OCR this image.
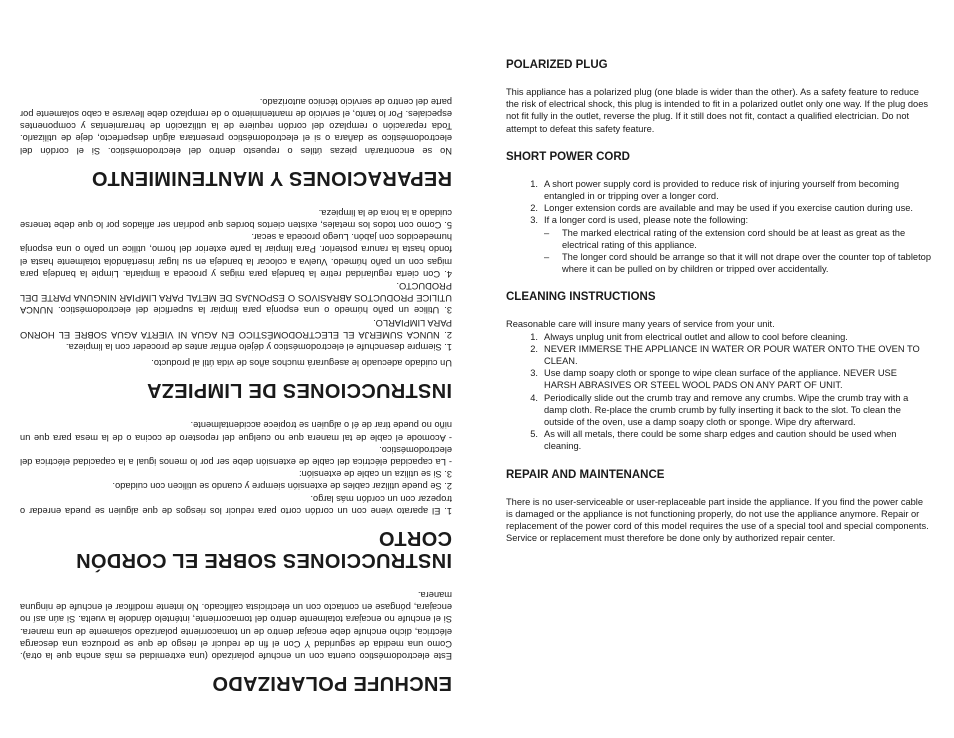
ENCHUFE POLARIZADO

Este electrodoméstico cuenta con un enchufe polarizado (una extremidad es más ancha que la otra). Como una medida de seguridad Y Con el fin de reducir el riesgo de que se produzca una descarga eléctrica, dicho enchufe debe encajar dentro de un tomacorriente polarizado solamente de una manera. Si el enchufe no encajara totalmente dentro del tomacorriente, inténtelo dándole la vuelta. Si aún así no encajara, póngase en contacto con un electricista calificado. No intente modificar el enchufe de ninguna manera.

INSTRUCCIONES SOBRE EL CORDÓN CORTO
1. El aparato viene con un cordón corto para reducir los riesgos de que alguien se pueda enredar o tropezar con un cordón más largo.
2. Se puede utilizar cables de extensión siempre y cuando se utilicen con cuidado.
3. Si se utiliza un cable de extensión:
- La capacidad eléctrica del cable de extensión debe ser por lo menos igual a la capacidad eléctrica del electrodoméstico.
- Acomode el cable de tal manera que no cuelgue del repostero de cocina o de la mesa para que un niño no puede tirar de él o alguien se tropiece accidentalmente.
INSTRUCCIONES DE LIMPIEZA

Un cuidado adecuado le asegurará muchos años de vida útil al producto.

1. Siempre desenchufe el electrodoméstico y déjelo enfriar antes de proceder con la limpieza.
2. NUNCA SUMERJA EL ELECTRODOMÉSTICO EN AGUA NI VIERTA AGUA SOBRE EL HORNO PARA LIMPIARLO.
3. Utilice un paño húmedo o una esponja para limpiar la superficie del electrodoméstico. NUNCA UTILICE PRODUCTOS ABRASIVOS O ESPONJAS DE METAL PARA LIMPIAR NINGUNA PARTE DEL PRODUCTO.
4. Con cierta regularidad retire la bandeja para migas y proceda a limpiarla. Limpie la bandeja para migas con un paño húmedo. Vuelva a colocar la bandeja en su lugar insertándola totalmente hasta el fondo hasta la ranura posterior. Para limpiar la parte exterior del horno, utilice un paño o una esponja humedecidos con jabón. Luego proceda a secar.
5. Como con todos los metales, existen ciertos bordes que podrían ser afilados por lo que debe tenerse cuidado a la hora de la limpieza.
REPARACIONES Y MANTENIMIENTO

No se encontrarán piezas útiles o repuesto dentro del electrodoméstico. Si el cordón del electrodoméstico se dañara o si el electrodoméstico presentara algún desperfecto, deje de utilizarlo. Toda reparación o remplazo del cordón requiere de la utilización de herramientas y componentes especiales. Por lo tanto, el servicio de mantenimiento o de remplazo debe llevarse a cabo solamente por parte del centro de servicio técnico autorizado.

POLARIZED PLUG

This appliance has a polarized plug (one blade is wider than the other). As a safety feature to reduce the risk of electrical shock, this plug is intended to fit in a polarized outlet only one way. If the plug does not fit fully in the outlet, reverse the plug. If it still does not fit, contact a qualified electrician. Do not attempt to defeat this safety feature.

SHORT POWER CORD
1. A short power supply cord is provided to reduce risk of injuring yourself from becoming entangled in or tripping over a longer cord.
2. Longer extension cords are available and may be used if you exercise caution during use.
3. If a longer cord is used, please note the following:
–	The marked electrical rating of the extension cord should be at least as great as the electrical rating of this appliance.
–	The longer cord should be arrange so that it will not drape over the counter top of tabletop where it can be pulled on by children or tripped over accidentally.
CLEANING INSTRUCTIONS

Reasonable care will insure many years of service from your unit.

1. Always unplug unit from electrical outlet and allow to cool before cleaning.
2. NEVER IMMERSE THE APPLIANCE IN WATER OR POUR WATER ONTO THE OVEN TO CLEAN.
3. Use damp soapy cloth or sponge to wipe clean surface of the appliance. NEVER USE HARSH ABRASIVES OR STEEL WOOL PADS ON ANY PART OF UNIT.
4. Periodically slide out the crumb tray and remove any crumbs. Wipe the crumb tray with a damp cloth. Re-place the crumb crumb by fully inserting it back to the slot. To clean the outside of the oven, use a damp soapy cloth or sponge. Wipe dry afterward.
5. As will all metals, there could be some sharp edges and caution should be used when cleaning.
REPAIR AND MAINTENANCE

There is no user-serviceable or user-replaceable part inside the appliance. If you find the power cable is damaged or the appliance is not functioning properly, do not use the appliance anymore. Repair or replacement of the power cord of this model requires the use of a special tool and special components. Service or replacement must therefore be done only by authorized repair center.
